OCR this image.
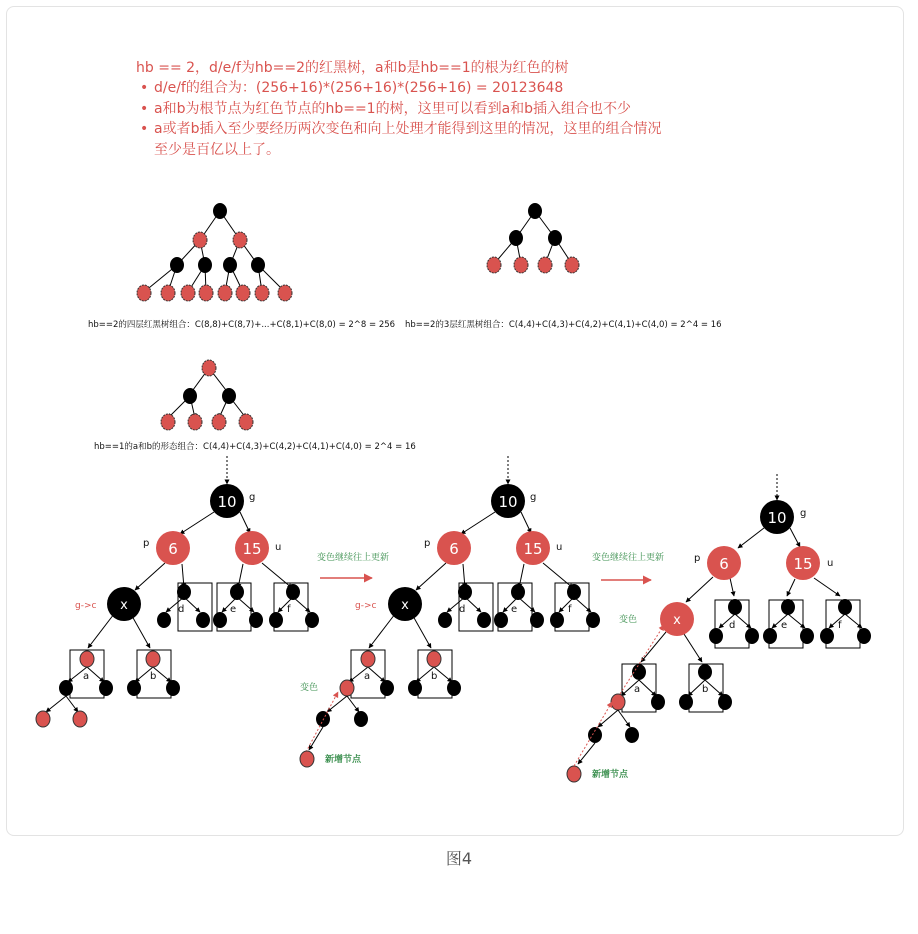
hb == 2，d/e/f为hb==2的红黑树，a和b是hb==1的根为红色的树
• d/e/f的组合为：(256+16)*(256+16)*(256+16) = 20123648
• a和b为根节点为红色节点的hb==1的树，这里可以看到a和b插入组合也不少
• a或者b插入至少要经历两次变色和向上处理才能得到这里的情况，这里的组合情况至少是百亿以上了。
hb==2的四层红黑树组合：C(8,8)+C(8,7)+...+C(8,1)+C(8,0) = 2^8 = 256 hb==2的3层红黑树组合：C(4,4)+C(4,3)+C(4,2)+C(4,1)+C(4,0) = 2^4 = 16
hb==1的a和b的形态组合：C(4,4)+C(4,3)+C(4,2)+C(4,1)+C(4,0) = 2^4 = 16
d	e	f
a	b
10 g
6
p	15 u
x
g->c
变色继续往上更新
d	e	f
a
变色
新增节点
b
10 g
6
p	15 u
x
g->c
变色继续往上更新
d	e	f
a
新增节点
b
10 g
6
p	15 u
x
变色
图4
